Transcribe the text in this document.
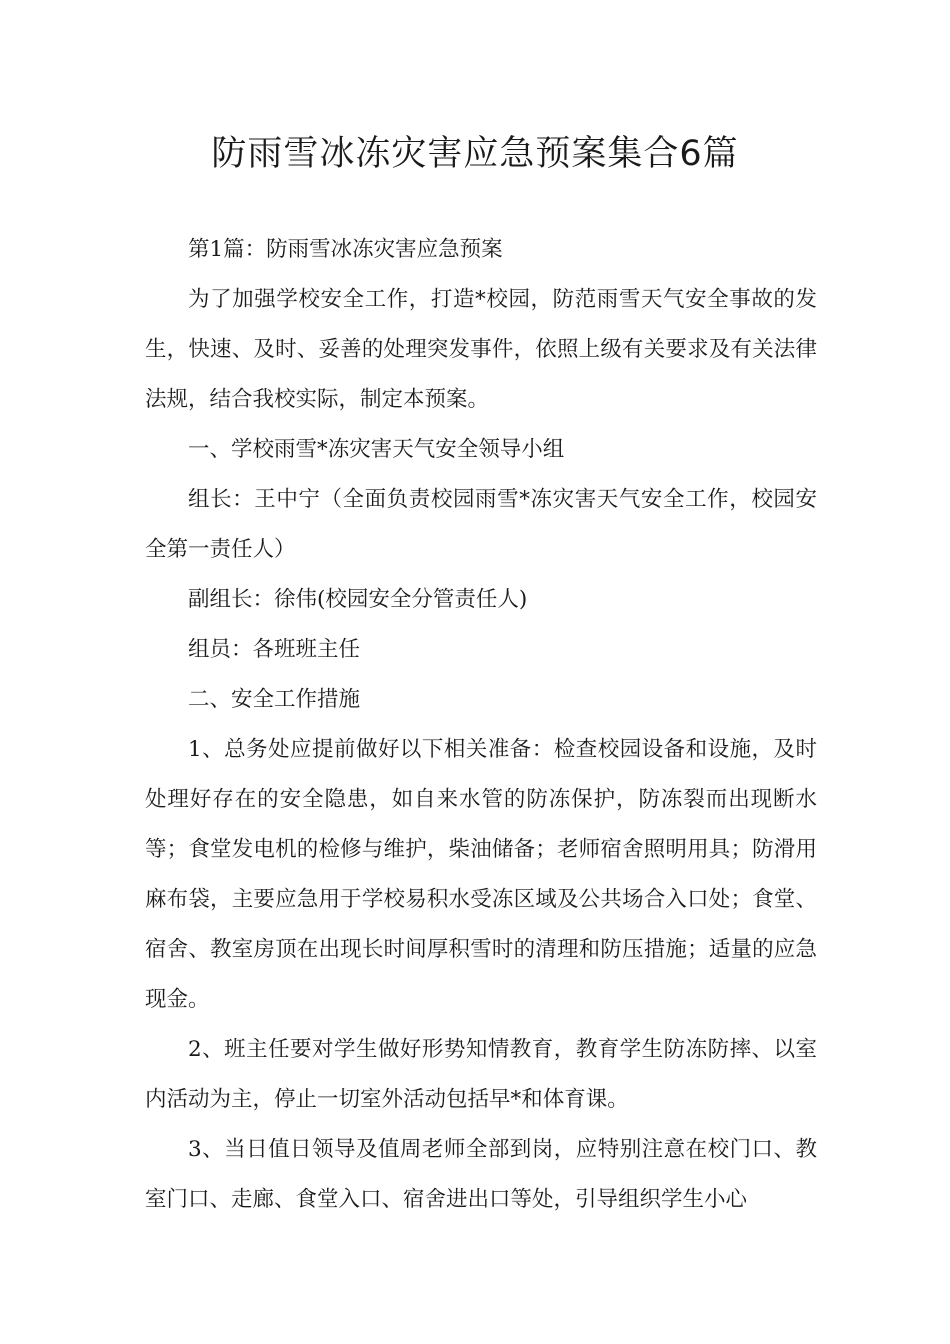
防雨雪冰冻灾害应急预案集合6篇

第1篇：防雨雪冰冻灾害应急预案

为了加强学校安全工作，打造*校园，防范雨雪天气安全事故的发生，快速、及时、妥善的处理突发事件，依照上级有关要求及有关法律法规，结合我校实际，制定本预案。

一、学校雨雪*冻灾害天气安全领导小组

组长：王中宁（全面负责校园雨雪*冻灾害天气安全工作，校园安全第一责任人）

副组长：徐伟(校园安全分管责任人)

组员：各班班主任

二、安全工作措施

1、总务处应提前做好以下相关准备：检查校园设备和设施，及时处理好存在的安全隐患，如自来水管的防冻保护，防冻裂而出现断水等；食堂发电机的检修与维护，柴油储备；老师宿舍照明用具；防滑用麻布袋，主要应急用于学校易积水受冻区域及公共场合入口处；食堂、宿舍、教室房顶在出现长时间厚积雪时的清理和防压措施；适量的应急现金。

2、班主任要对学生做好形势知情教育，教育学生防冻防摔、以室内活动为主，停止一切室外活动包括早*和体育课。

3、当日值日领导及值周老师全部到岗，应特别注意在校门口、教室门口、走廊、食堂入口、宿舍进出口等处，引导组织学生小心
